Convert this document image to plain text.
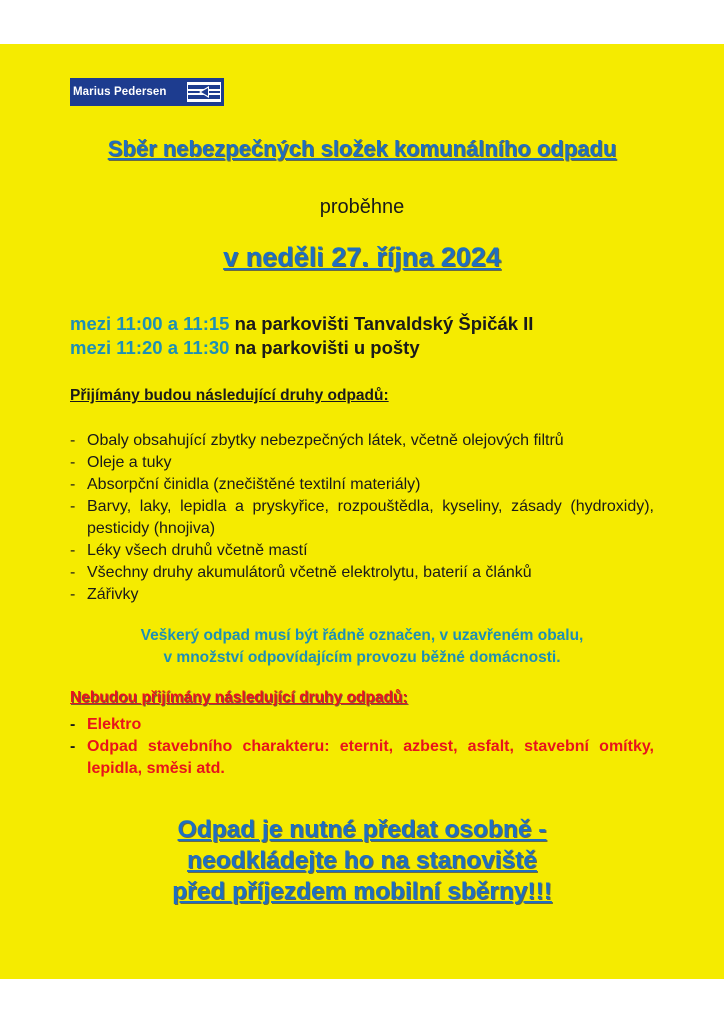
Marius Pedersen
Sběr nebezpečných složek komunálního odpadu
proběhne
v neděli 27. října 2024
mezi 11:00 a 11:15 na parkovišti Tanvaldský Špičák II
mezi 11:20 a 11:30 na parkovišti u pošty
Přijímány budou následující druhy odpadů:
- Obaly obsahující zbytky nebezpečných látek, včetně olejových filtrů
- Oleje a tuky
- Absorpční činidla (znečištěné textilní materiály)
- Barvy, laky, lepidla a pryskyřice, rozpouštědla, kyseliny, zásady (hydroxidy), pesticidy (hnojiva)
- Léky všech druhů včetně mastí
- Všechny druhy akumulátorů včetně elektrolytu, baterií a článků
- Zářivky
Veškerý odpad musí být řádně označen, v uzavřeném obalu,
v množství odpovídajícím provozu běžné domácnosti.
Nebudou přijímány následující druhy odpadů:
- Elektro
- Odpad stavebního charakteru: eternit, azbest, asfalt, stavební omítky, lepidla, směsi atd.
Odpad je nutné předat osobně -
neodkládejte ho na stanoviště
před příjezdem mobilní sběrny!!!
